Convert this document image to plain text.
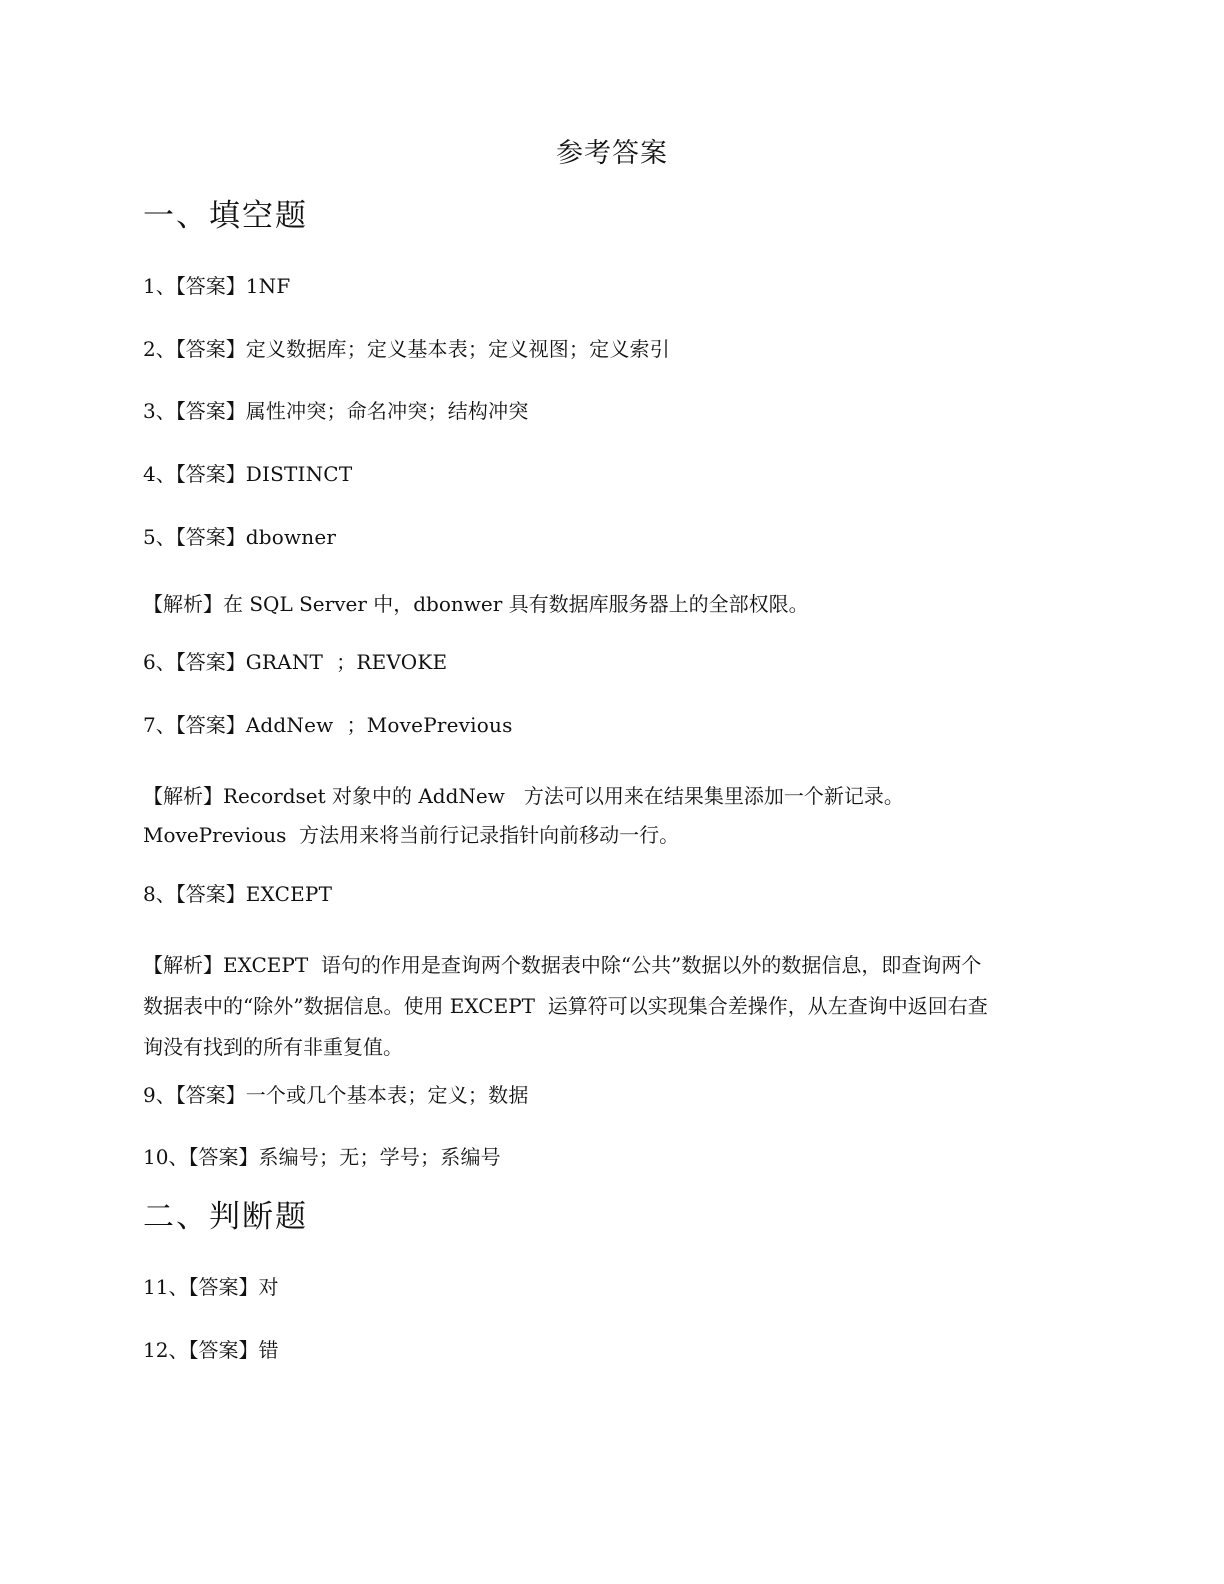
参考答案
一、填空题
1、【答案】1NF
2、【答案】定义数据库；定义基本表；定义视图；定义索引
3、【答案】属性冲突；命名冲突；结构冲突
4、【答案】DISTINCT
5、【答案】dbowner
【解析】在 SQL Server 中，dbonwer 具有数据库服务器上的全部权限。
6、【答案】GRANT  ；REVOKE
7、【答案】AddNew  ；MovePrevious
【解析】Recordset 对象中的 AddNew   方法可以用来在结果集里添加一个新记录。
MovePrevious  方法用来将当前行记录指针向前移动一行。
8、【答案】EXCEPT
【解析】EXCEPT  语句的作用是查询两个数据表中除“公共”数据以外的数据信息，即查询两个
数据表中的“除外”数据信息。使用 EXCEPT  运算符可以实现集合差操作，从左查询中返回右查
询没有找到的所有非重复值。
9、【答案】一个或几个基本表；定义；数据
10、【答案】系编号；无；学号；系编号
二、判断题
11、【答案】对
12、【答案】错
